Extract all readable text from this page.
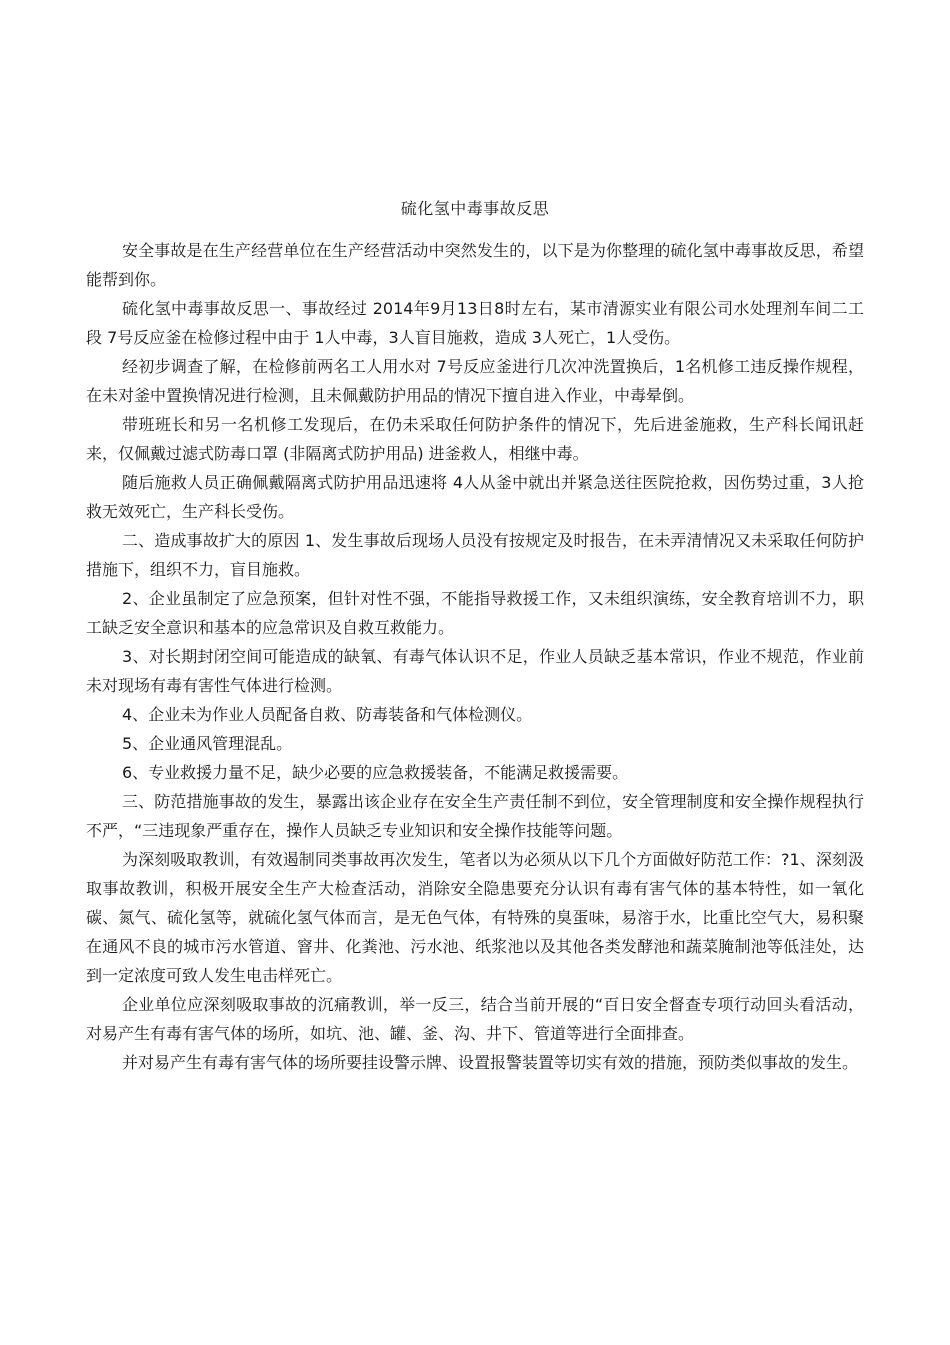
硫化氢中毒事故反思

安全事故是在生产经营单位在生产经营活动中突然发生的，以下是为你整理的硫化氢中毒事故反思，希望能帮到你。

硫化氢中毒事故反思一、事故经过 2014年9月13日8时左右，某市清源实业有限公司水处理剂车间二工段 7号反应釜在检修过程中由于 1人中毒，3人盲目施救，造成 3人死亡，1人受伤。

经初步调查了解，在检修前两名工人用水对 7号反应釜进行几次冲洗置换后，1名机修工违反操作规程，在未对釜中置换情况进行检测，且未佩戴防护用品的情况下擅自进入作业，中毒晕倒。

带班班长和另一名机修工发现后，在仍未采取任何防护条件的情况下，先后进釜施救，生产科长闻讯赶来，仅佩戴过滤式防毒口罩 (非隔离式防护用品) 进釜救人，相继中毒。

随后施救人员正确佩戴隔离式防护用品迅速将 4人从釜中就出并紧急送往医院抢救，因伤势过重，3人抢救无效死亡，生产科长受伤。

二、造成事故扩大的原因 1、发生事故后现场人员没有按规定及时报告，在未弄清情况又未采取任何防护措施下，组织不力，盲目施救。

2、企业虽制定了应急预案，但针对性不强，不能指导救援工作，又未组织演练，安全教育培训不力，职工缺乏安全意识和基本的应急常识及自救互救能力。

3、对长期封闭空间可能造成的缺氧、有毒气体认识不足，作业人员缺乏基本常识，作业不规范，作业前未对现场有毒有害性气体进行检测。

4、企业未为作业人员配备自救、防毒装备和气体检测仪。

5、企业通风管理混乱。

6、专业救援力量不足，缺少必要的应急救援装备，不能满足救援需要。

三、防范措施事故的发生，暴露出该企业存在安全生产责任制不到位，安全管理制度和安全操作规程执行不严，“三违现象严重存在，操作人员缺乏专业知识和安全操作技能等问题。

为深刻吸取教训，有效遏制同类事故再次发生，笔者以为必须从以下几个方面做好防范工作：?1、深刻汲取事故教训，积极开展安全生产大检查活动，消除安全隐患要充分认识有毒有害气体的基本特性，如一氧化碳、氮气、硫化氢等，就硫化氢气体而言，是无色气体，有特殊的臭蛋味，易溶于水，比重比空气大，易积聚在通风不良的城市污水管道、窨井、化粪池、污水池、纸浆池以及其他各类发酵池和蔬菜腌制池等低洼处，达到一定浓度可致人发生电击样死亡。

企业单位应深刻吸取事故的沉痛教训，举一反三，结合当前开展的“百日安全督查专项行动回头看活动，对易产生有毒有害气体的场所，如坑、池、罐、釜、沟、井下、管道等进行全面排查。

并对易产生有毒有害气体的场所要挂设警示牌、设置报警装置等切实有效的措施，预防类似事故的发生。
